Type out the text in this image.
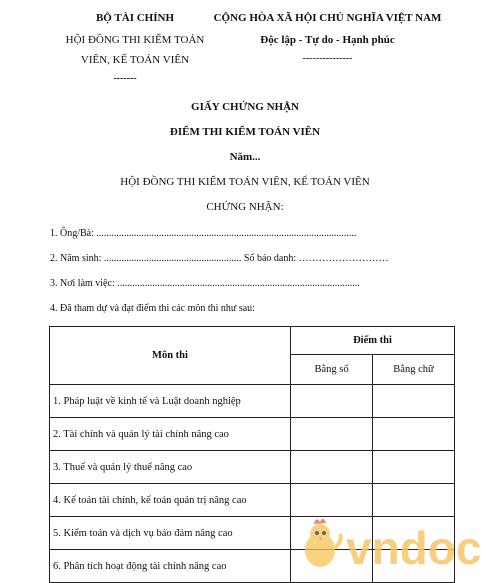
BỘ TÀI CHÍNH
HỘI ĐỒNG THI KIỂM TOÁN
VIÊN, KẾ TOÁN VIÊN
-------
CỘNG HÒA XÃ HỘI CHỦ NGHĨA VIỆT NAM
Độc lập - Tự do - Hạnh phúc
---------------
GIẤY CHỨNG NHẬN
ĐIỂM THI KIỂM TOÁN VIÊN
Năm...
HỘI ĐỒNG THI KIỂM TOÁN VIÊN, KẾ TOÁN VIÊN
CHỨNG NHẬN:
1. Ông/Bà: ........................................................................................................
2. Năm sinh: ....................................................... Số báo danh: ………………………
3. Nơi làm việc: .................................................................................................
4. Đã tham dự và đạt điểm thi các môn thi như sau:
Môn thi	Điểm thi	
	Bằng số	Bằng chữ
1. Pháp luật về kinh tế và Luật doanh nghiệp		
2. Tài chính và quản lý tài chính nâng cao		
3. Thuế và quản lý thuế nâng cao		
4. Kế toán tài chính, kế toán quản trị nâng cao		
5. Kiểm toán và dịch vụ bảo đảm nâng cao		
6. Phân tích hoạt động tài chính nâng cao			vndoc
